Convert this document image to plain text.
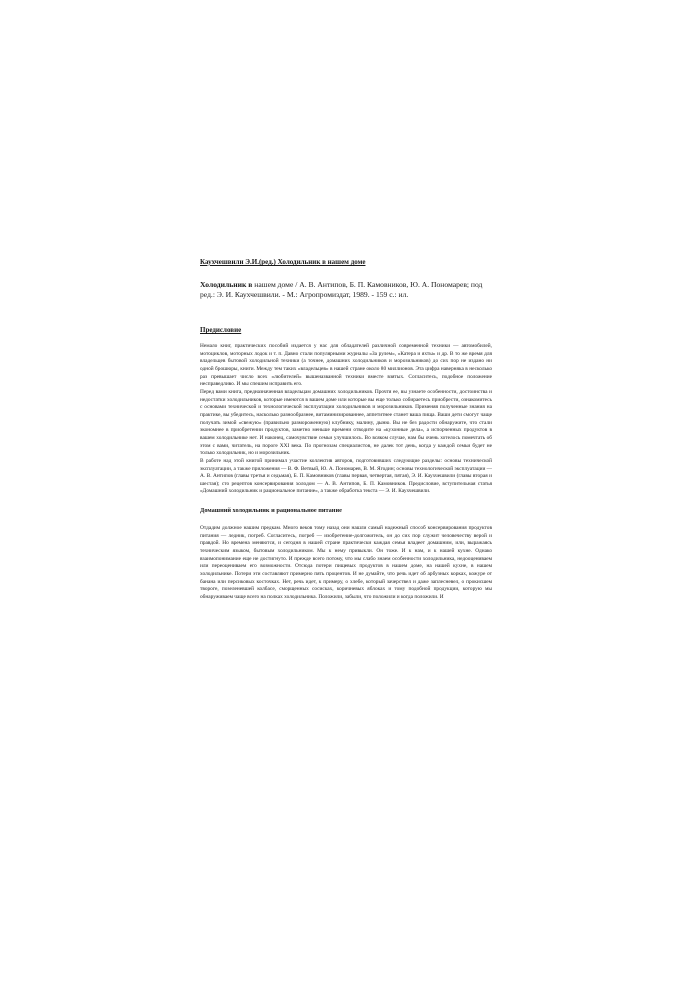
Каухчешвили Э.И.(ред.) Холодильник в нашем доме
Холодильник в нашем доме / А. В. Антипов, Б. П. Камовников, Ю. А. Пономарев; под ред.: Э. И. Каухчешвили. - М.: Агропромиздат, 1989. - 159 с.: ил.
Предисловие

Немало книг, практических пособий издается у нас для обладателей различной современной техники — автомобилей, мотоциклов, моторных лодок и т. п. Давно стали популярными журналы «За рулем», «Катера и яхты» и др. В то же время для владельцев бытовой холодильной техники (а точнее, домашних холодильников и морозильников) до сих пор не издано ни одной брошюры, книги. Между тем таких «владельцев» в нашей стране около 80 миллионов. Эта цифра наверняка в несколько раз превышает число всех «любителей» вышеназванной техники вместе взятых. Согласитесь, подобное положение несправедливо. И мы спешим исправить его.

Перед вами книга, предназначенная владельцам домашних холодильников. Прочтя ее, вы узнаете особенности, достоинства и недостатки холодильников, которые имеются в вашем доме или которые вы еще только собираетесь приобрести, ознакомитесь с основами технической и технологической эксплуатации холодильников и морозильников. Применяя полученные знания на практике, вы убедитесь, насколько разнообразнее, витаминизированнее, аппетитнее станет ваша пища. Ваши дети смогут чаще получать зимой «свежую» (правильно размороженную) клубнику, малину, дыню. Вы не без радости обнаружите, что стали экономнее в приобретении продуктов, заметно меньше времени отводите на «кухонные дела», а испорченных продуктов в вашем холодильнике нет. И наконец, самочувствие семьи улучшилось. Во всяком случае, нам бы очень хотелось помечтать об этом с вами, читатель, на пороге XXI века. По прогнозам специалистов, не далек тот день, когда у каждой семьи будет не только холодильник, но и морозильник.

В работе над этой книгой принимал участие коллектив авторов, подготовивших следующие разделы: основы технической эксплуатации, а также приложения — В. Ф. Ветвый, Ю. А. Пономарев, В. М. Ягодин; основы технологической эксплуатации — А. В. Антипов (главы третья и седьмая), Б. П. Камовников (главы первая, четвертая, пятая), Э. И. Каухчешвили (главы вторая и шестая); сто рецептов консервирования холодом — А. В. Антипов, Б. П. Камовников. Предисловие, вступительная статья «Домашний холодильник и рациональное питание», а также обработка текста — Э. И. Каухчешвили.

Домашний холодильник и рациональное питание

Отдадим должное нашим предкам. Много веков тому назад они нашли самый надежный способ консервирования продуктов питания — ледник, погреб. Согласитесь, погреб — изобретение-долгожитель, он до сих пор служит человечеству верой и правдой. Но времена меняются, и сегодня в нашей стране практически каждая семья владеет домашним, или, выражаясь техническим языком, бытовым холодильником. Мы к нему привыкли. Он тоже. И к нам, и к нашей кухне. Однако взаимопонимание еще не достигнуто. И прежде всего потому, что мы слабо знаем особенности холодильника, недооцениваем или переоцениваем его возможности. Отсюда потери пищевых продуктов в нашем доме, на нашей кухне, в нашем холодильнике. Потери эти составляют примерно пять процентов. И не думайте, что речь идет об арбузных корках, кожуре от банана или персиковых косточках. Нет, речь идет, к примеру, о хлебе, который зачерствел и даже заплесневел, о прокисшем твороге, позеленевшей колбасе, сморщенных сосисках, коричневых яблоках и тому подобной продукции, которую мы обнаруживаем чаще всего на полках холодильника. Положили, забыли, что положили и когда положили. И
